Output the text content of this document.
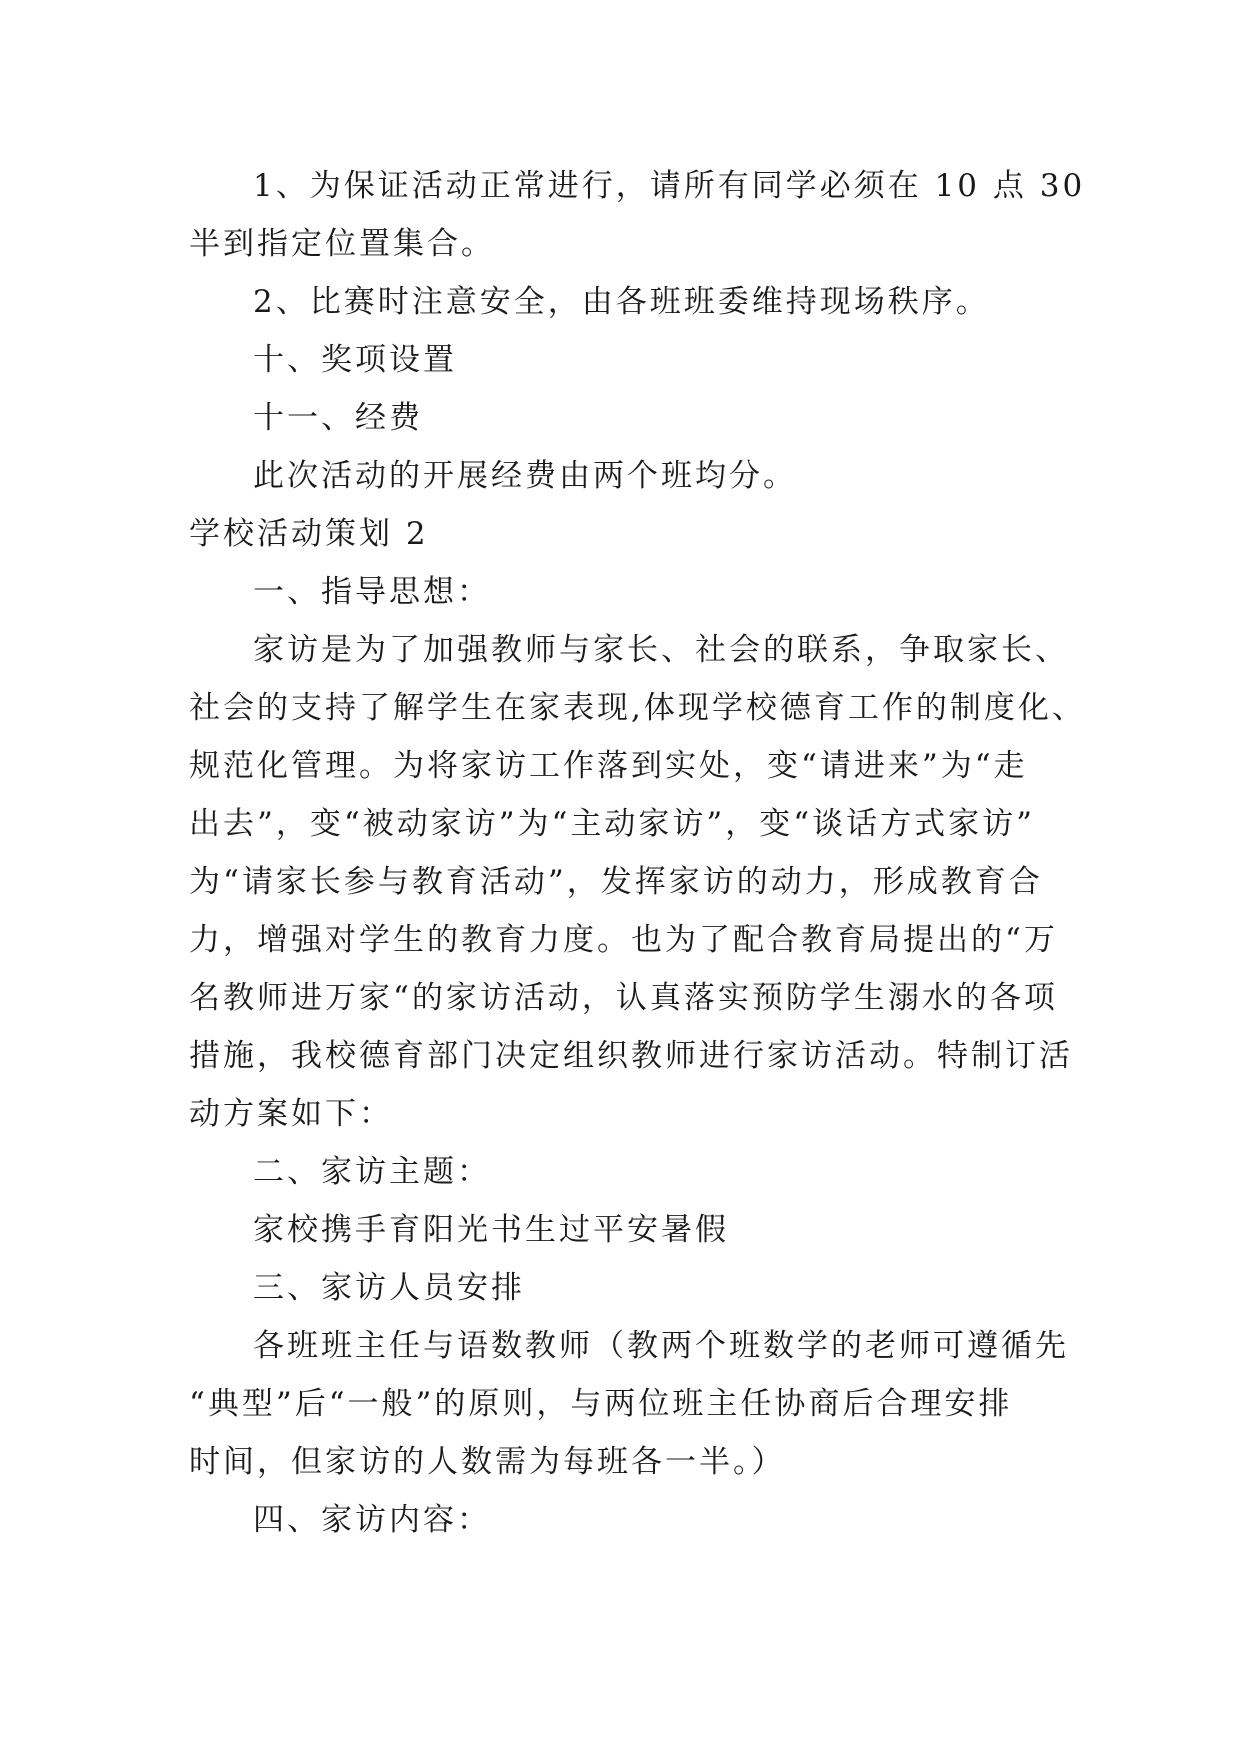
1、为保证活动正常进行，请所有同学必须在 10 点 30
半到指定位置集合。
2、比赛时注意安全，由各班班委维持现场秩序。
十、奖项设置
十一、经费
此次活动的开展经费由两个班均分。
学校活动策划 2
一、指导思想：
家访是为了加强教师与家长、社会的联系，争取家长、
社会的支持了解学生在家表现,体现学校德育工作的制度化、
规范化管理。为将家访工作落到实处，变“请进来”为“走
出去”，变“被动家访”为“主动家访”，变“谈话方式家访”
为“请家长参与教育活动”，发挥家访的动力，形成教育合
力，增强对学生的教育力度。也为了配合教育局提出的“万
名教师进万家“的家访活动，认真落实预防学生溺水的各项
措施，我校德育部门决定组织教师进行家访活动。特制订活
动方案如下：
二、家访主题：
家校携手育阳光书生过平安暑假
三、家访人员安排
各班班主任与语数教师（教两个班数学的老师可遵循先
“典型”后“一般”的原则，与两位班主任协商后合理安排
时间，但家访的人数需为每班各一半。）
四、家访内容：
